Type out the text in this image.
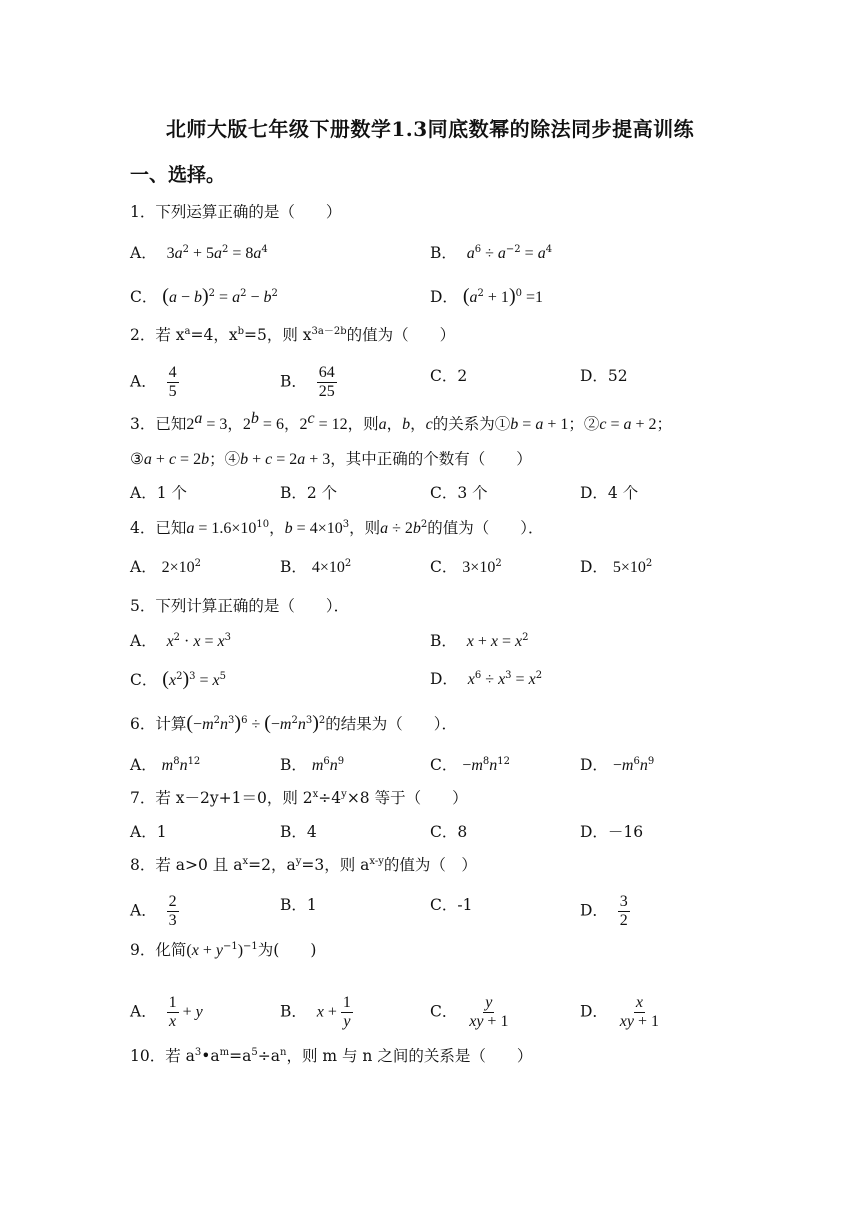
北师大版七年级下册数学1.3同底数幂的除法同步提高训练
一、选择。
1．下列运算正确的是（　　）
A．  $3a^2 + 5a^2 = 8a^4$	B．  $a^6 \div a^{-2} = a^4$
C． $(a - b)^2 = a^2 - b^2$	D． $(a^2 + 1)^0 =1$
2．若 $x^a=4$，$x^b=5$，则 $x^{3a-2b}$的值为（　　）
A． $\frac{4}{5}$	B． $\frac{64}{25}$	C．2	D．52
3．已知$2^a = 3$，$2^b = 6$，$2^c = 12$，则a，b，c的关系为①b = a + 1；②c = a + 2；
③a + c = 2b；④b + c = 2a + 3，其中正确的个数有（　　）
A．1 个	B．2 个	C．3 个	D．4 个
4．已知$a = 1.6\times 10^{10}$，$b = 4\times 10^3$，则$a \div 2b^2$的值为（　　）．
A． $2\times 10^2$	B． $4\times 10^2$	C． $3\times 10^2$	D． $5\times 10^2$
5．下列计算正确的是（　　）．
A．  $x^2 \cdot x = x^3$	B．  $x + x = x^2$
C． $(x^2)^3 = x^5$	D．  $x^6 \div x^3 = x^2$
6．计算$(-m^2n^3)^6 \div (-m^2n^3)^2$的结果为（　　）．
A． $m^8n^{12}$	B． $m^6n^9$	C． $-m^8n^{12}$	D． $-m^6n^9$
7．若 x－2y+1＝0，则 $2^x\div 4^y\times 8$ 等于（　　）
A．1	B．4	C．8	D．－16
8．若 a>0 且 $a^x=2$，$a^y=3$，则 $a^{x-y}$的值为（　）
A． $\frac{2}{3}$	B．1	C．-1	D． $\frac{3}{2}$
9．化简$(x + y^{-1})^{-1}$为(　　)
A． $\frac{1}{x} + y$	B．  $x + \frac{1}{y}$	C． $\frac{y}{xy + 1}$	D． $\frac{x}{xy + 1}$
10．若 $a^3•a^m=a^5\div a^n$，则 m 与 n 之间的关系是（　　）
